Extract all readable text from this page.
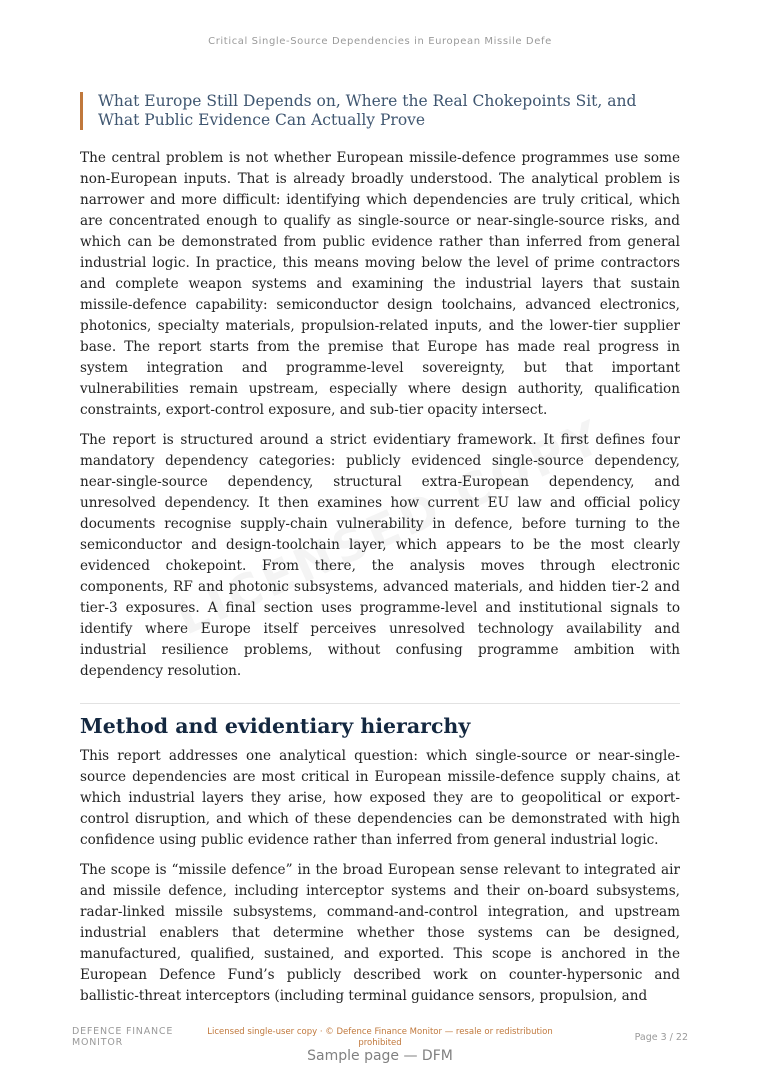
Critical Single-Source Dependencies in European Missile Defe
What Europe Still Depends on, Where the Real Chokepoints Sit, and What Public Evidence Can Actually Prove

The central problem is not whether European missile-defence programmes use some non-European inputs. That is already broadly understood. The analytical problem is narrower and more difficult: identifying which dependencies are truly critical, which are concentrated enough to qualify as single-source or near-single-source risks, and which can be demonstrated from public evidence rather than inferred from general industrial logic. In practice, this means moving below the level of prime contractors and complete weapon systems and examining the industrial layers that sustain missile-defence capability: semiconductor design toolchains, advanced electronics, photonics, specialty materials, propulsion-related inputs, and the lower-tier supplier base. The report starts from the premise that Europe has made real progress in system integration and programme-level sovereignty, but that important vulnerabilities remain upstream, especially where design authority, qualification constraints, export-control exposure, and sub-tier opacity intersect.

The report is structured around a strict evidentiary framework. It first defines four mandatory dependency categories: publicly evidenced single-source dependency, near-single-source dependency, structural extra-European dependency, and unresolved dependency. It then examines how current EU law and official policy documents recognise supply-chain vulnerability in defence, before turning to the semiconductor and design-toolchain layer, which appears to be the most clearly evidenced chokepoint. From there, the analysis moves through electronic components, RF and photonic subsystems, advanced materials, and hidden tier-2 and tier-3 exposures. A final section uses programme-level and institutional signals to identify where Europe itself perceives unresolved technology availability and industrial resilience problems, without confusing programme ambition with dependency resolution.

Method and evidentiary hierarchy

This report addresses one analytical question: which single-source or near-single-source dependencies are most critical in European missile-defence supply chains, at which industrial layers they arise, how exposed they are to geopolitical or export-control disruption, and which of these dependencies can be demonstrated with high confidence using public evidence rather than inferred from general industrial logic.

The scope is “missile defence” in the broad European sense relevant to integrated air and missile defence, including interceptor systems and their on-board subsystems, radar-linked missile subsystems, command-and-control integration, and upstream industrial enablers that determine whether those systems can be designed, manufactured, qualified, sustained, and exported. This scope is anchored in the European Defence Fund’s publicly described work on counter-hypersonic and ballistic-threat interceptors (including terminal guidance sensors, propulsion, and

DEFENCE FINANCE MONITOR
Licensed single-user copy · © Defence Finance Monitor — resale or redistribution prohibited	Page 3 / 22
Sample page — DFM
